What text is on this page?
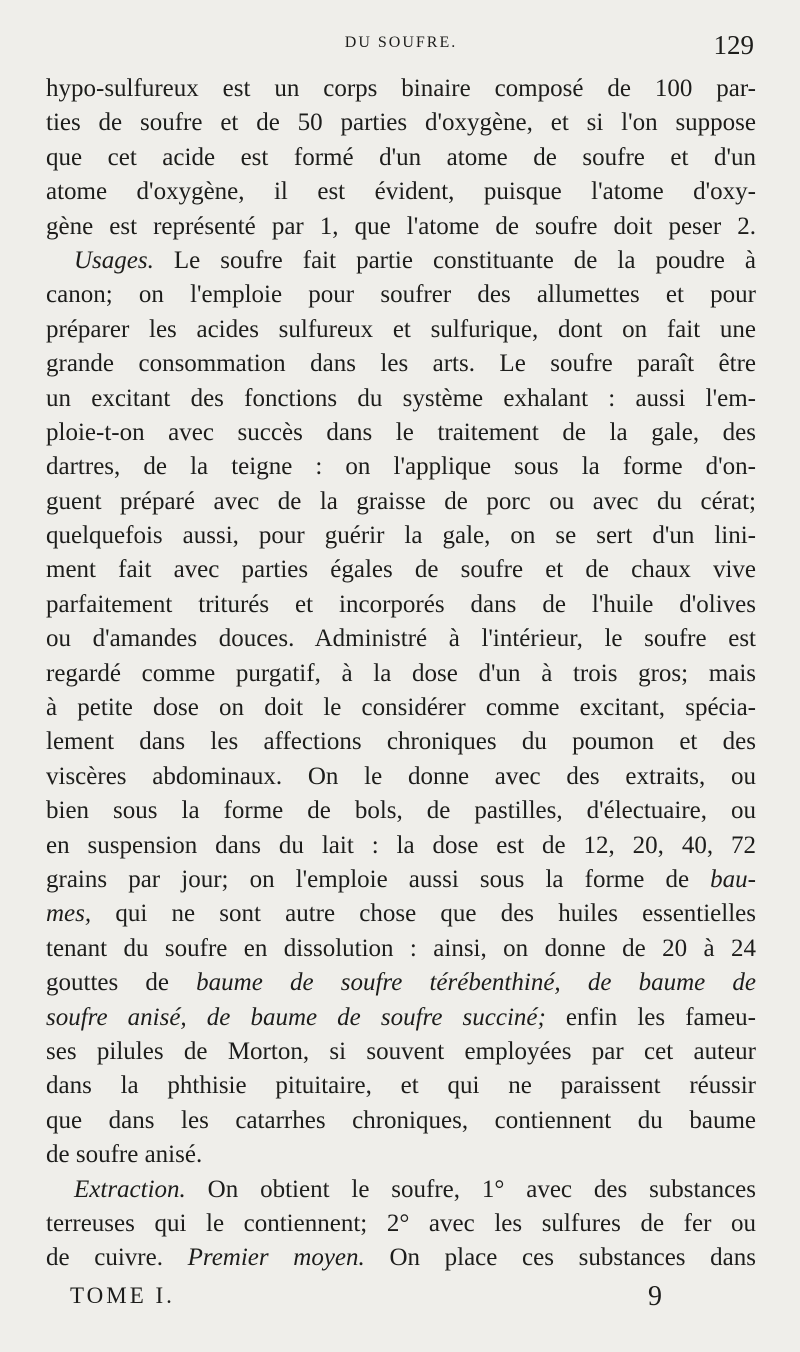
DU SOUFRE.	129
hypo-sulfureux est un corps binaire composé de 100 par-
ties de soufre et de 50 parties d'oxygène, et si l'on suppose
que cet acide est formé d'un atome de soufre et d'un
atome d'oxygène, il est évident, puisque l'atome d'oxy-
gène est représenté par 1, que l'atome de soufre doit peser 2.
Usages. Le soufre fait partie constituante de la poudre à
canon; on l'emploie pour soufrer des allumettes et pour
préparer les acides sulfureux et sulfurique, dont on fait une
grande consommation dans les arts. Le soufre paraît être
un excitant des fonctions du système exhalant : aussi l'em-
ploie-t-on avec succès dans le traitement de la gale, des
dartres, de la teigne : on l'applique sous la forme d'on-
guent préparé avec de la graisse de porc ou avec du cérat;
quelquefois aussi, pour guérir la gale, on se sert d'un lini-
ment fait avec parties égales de soufre et de chaux vive
parfaitement triturés et incorporés dans de l'huile d'olives
ou d'amandes douces. Administré à l'intérieur, le soufre est
regardé comme purgatif, à la dose d'un à trois gros; mais
à petite dose on doit le considérer comme excitant, spécia-
lement dans les affections chroniques du poumon et des
viscères abdominaux. On le donne avec des extraits, ou
bien sous la forme de bols, de pastilles, d'électuaire, ou
en suspension dans du lait : la dose est de 12, 20, 40, 72
grains par jour; on l'emploie aussi sous la forme de bau-
mes, qui ne sont autre chose que des huiles essentielles
tenant du soufre en dissolution : ainsi, on donne de 20 à 24
gouttes de baume de soufre térébenthiné, de baume de
soufre anisé, de baume de soufre succiné; enfin les fameu-
ses pilules de Morton, si souvent employées par cet auteur
dans la phthisie pituitaire, et qui ne paraissent réussir
que dans les catarrhes chroniques, contiennent du baume
de soufre anisé.
Extraction. On obtient le soufre, 1° avec des substances
terreuses qui le contiennent; 2° avec les sulfures de fer ou
de cuivre. Premier moyen. On place ces substances dans
TOME I.	9
